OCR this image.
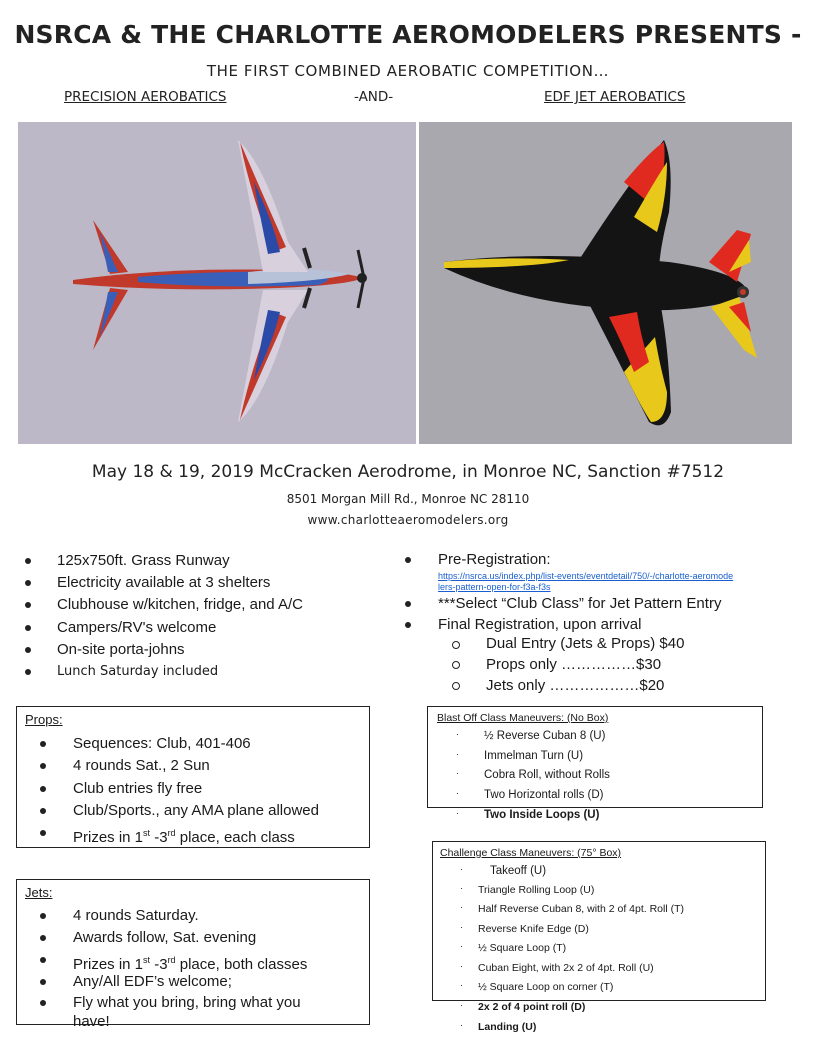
NSRCA & THE CHARLOTTE AEROMODELERS PRESENTS -
THE FIRST COMBINED AEROBATIC COMPETITION…
PRECISION AEROBATICS	-AND-	EDF JET AEROBATICS
May 18 & 19, 2019 McCracken Aerodrome, in Monroe NC, Sanction #7512
8501 Morgan Mill Rd., Monroe NC 28110
www.charlotteaeromodelers.org
125x750ft. Grass Runway
Electricity available at 3 shelters
Clubhouse w/kitchen, fridge, and A/C
Campers/RV's welcome
On-site porta-johns
Lunch Saturday included
Pre-Registration:
https://nsrca.us/index.php/list-events/eventdetail/750/-/charlotte-aeromode
lers-pattern-open-for-f3a-f3s
***Select “Club Class” for Jet Pattern Entry
Final Registration, upon arrival
Dual Entry (Jets & Props) $40
Props only ……………$30
Jets only ………………$20
Props:
Sequences: Club, 401-406
4 rounds Sat., 2 Sun
Club entries fly free
Club/Sports., any AMA plane allowed
Prizes in 1st -3rd place, each class
Jets:
4 rounds Saturday.
Awards follow, Sat. evening
Prizes in 1st -3rd place, both classes
Any/All EDF’s welcome;
Fly what you bring, bring what you
have!
Blast Off Class Maneuvers: (No Box)
· ½ Reverse Cuban 8 (U)
· Immelman Turn (U)
· Cobra Roll, without Rolls
· Two Horizontal rolls (D)
· Two Inside Loops (U)
Challenge Class Maneuvers: (75° Box)
· Takeoff (U)
· Triangle Rolling Loop (U)
· Half Reverse Cuban 8, with 2 of 4pt. Roll (T)
· Reverse Knife Edge (D)
· ½ Square Loop (T)
· Cuban Eight, with 2x 2 of 4pt. Roll (U)
· ½ Square Loop on corner (T)
· 2x 2 of 4 point roll (D)
· Landing (U)
